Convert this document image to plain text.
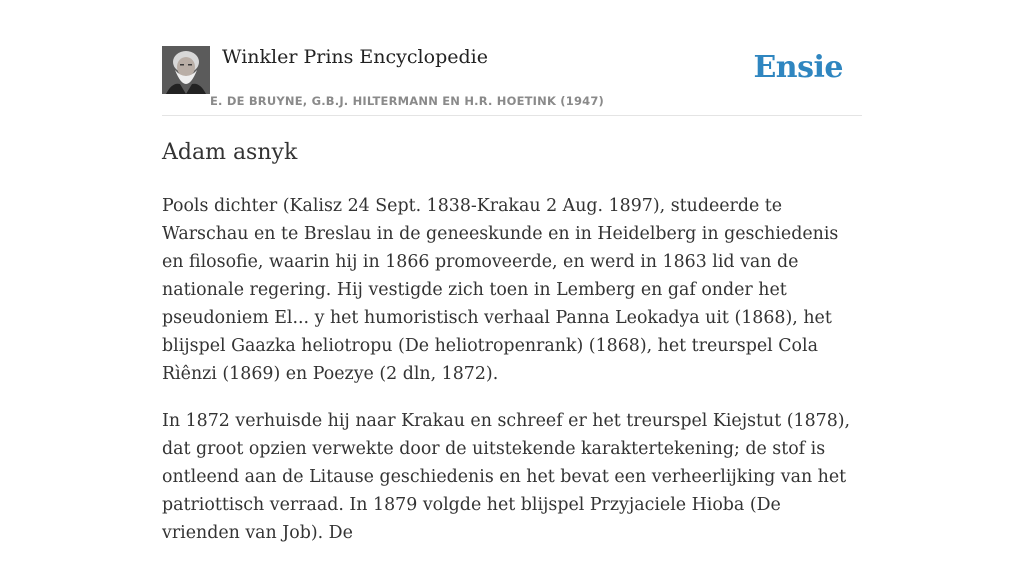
Winkler Prins Encyclopedie
E. DE BRUYNE, G.B.J. HILTERMANN EN H.R. HOETINK (1947)
Ensie
Adam asnyk

Pools dichter (Kalisz 24 Sept. 1838-Krakau 2 Aug. 1897), studeerde te Warschau en te Breslau in de geneeskunde en in Heidelberg in geschiedenis en filosofie, waarin hij in 1866 promoveerde, en werd in 1863 lid van de nationale regering. Hij vestigde zich toen in Lemberg en gaf onder het pseudoniem El... y het humoristisch verhaal Panna Leokadya uit (1868), het blijspel Gaazka heliotropu (De heliotropenrank) (1868), het treurspel Cola Rìênzi (1869) en Poezye (2 dln, 1872).

In 1872 verhuisde hij naar Krakau en schreef er het treurspel Kiejstut (1878), dat groot opzien verwekte door de uitstekende karaktertekening; de stof is ontleend aan de Litause geschiedenis en het bevat een verheerlijking van het patriottisch verraad. In 1879 volgde het blijspel Przyjaciele Hioba (De vrienden van Job). De
